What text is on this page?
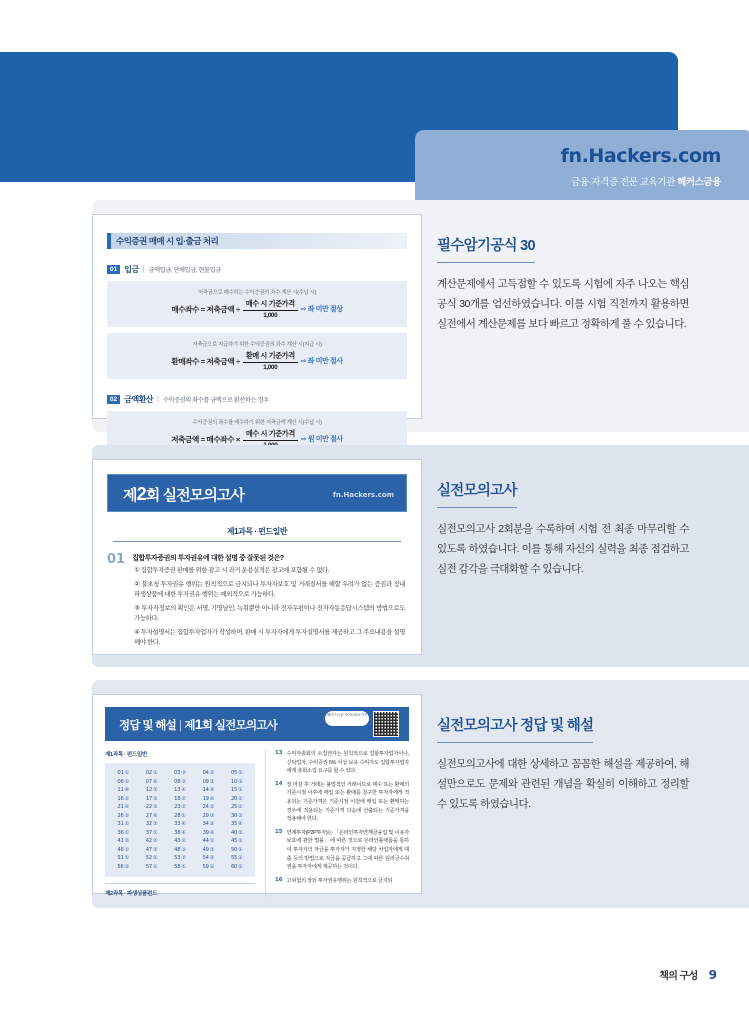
fn.Hackers.com
금융·자격증 전문 교육기관 해커스금융
수익증권 매매 시 입·출금 처리
01 입금 | 금액입금, 단체입금, 현물입금
저축금으로 매수하는 수익증권의 좌수 계산 시(수납 시)
매수좌수 = 저축금액 ÷ $\frac{\text{매수 시 기준가격}}{1,000}$ ⇨ 좌 미만 절상
저축금으로 지급하기 위한 수익증권의 좌수 계산 시(지급 시)
환매좌수 = 저축금액 ÷ $\frac{\text{환매 시 기준가격}}{1,000}$ ⇨ 좌 미만 절사
02 금액환산 | 수익증권의 좌수를 금액으로 환산하는 경우
수익증권의 좌수를 매수하기 위한 저축금액 계산 시(수납 시)
저축금액 = 매수좌수 ×
매수 시 기준가격
⇨ 원 미만 절사
필수암기공식 30
계산문제에서 고득점할 수 있도록 시험에 자주 나오는 핵심 공식 30개를 엄선하였습니다. 이를 시험 직전까지 활용하면 실전에서 계산문제를 보다 빠르고 정확하게 풀 수 있습니다.
제2회 실전모의고사	fn.Hackers.com
제1과목 · 펀드일반
01 집합투자증권의 투자권유에 대한 설명 중 잘못된 것은?
① 집합투자증권 판매를 위한 광고 시 과거 운용실적은 광고에 포함될 수 없다.
② 불초청 투자권유 행위는 원칙적으로 금지되나 투자자보호 및 거래질서를 해할 우려가 없는 증권과 장내파생상품에 대한 투자권유 행위는 예외적으로 가능하다.
③ 투자자정보의 확인은 서명, 기명날인, 녹취뿐만 아니라 전자우편이나 전자자동응답시스템의 방법으로도 가능하다.
④ 투자설명서는 집합투자업자가 작성하며, 판매 시 투자자에게 투자설명서를 제공하고 그 주요내용을 설명해야 한다.
실전모의고사
실전모의고사 2회분을 수록하여 시험 전 최종 마무리할 수 있도록 하였습니다. 이를 통해 자신의 실력을 최종 점검하고 실전 감각을 극대화할 수 있습니다.
정답 및 해설 | 제1회 실전모의고사
해커스금융 사이트바로가기
제1과목 · 펀드일반
01①	02①	03③	04②	05②
06①	07④	08③	09③	10③
11④	12③	13④	14④	15①
16②	17①	18②	19④	20②
21④	22①	23②	24②	25②
26②	27④	28①	29③	30②
31①	32③	33④	34③	35④
36①	37①	38④	39④	40②
41②	42②	43②	44②	45②
46①	47③	48③	49③	50①
51①	52②	53②	54③	55①
56②	57②	58①	59②	60②
제2과목 · 파생상품펀드
13 수익자총회의 소집권자는 원칙적으로 집합투자업자이나, 신탁업자, 수익증권 5% 이상 보유 수익자도 집합투자업자에게 총회소집 요구를 할 수 있다.
14 장 마감 후 거래는 불법적인 거래이므로 매수 또는 환매의 기준시점 이후에 매입 또는 환매를 청구한 투자자에게 적용되는 기준가격은 기준시점 이전에 매입 또는 환매하는 경우에 적용되는 기준가격 다음에 산출되는 기준가격을 적용해야 한다.
15 연계투자(P2P투자)는 「온라인투자연계금융업 및 이용자보호에 관한 법률」에 따른 것으로 온라인플랫폼을 통하여 투자자의 자금을 투자자가 지정한 해당 차입자에게 대출 등의 방법으로 자금을 공급하고 그에 따른 원리금수취권을 투자자에게 제공하는 것이다.
16 고위험의 장외 투자권유행위는 원칙적으로 금지되
실전모의고사 정답 및 해설
실전모의고사에 대한 상세하고 꼼꼼한 해설을 제공하여, 해설만으로도 문제와 관련된 개념을 확실히 이해하고 정리할 수 있도록 하였습니다.
책의 구성 9
